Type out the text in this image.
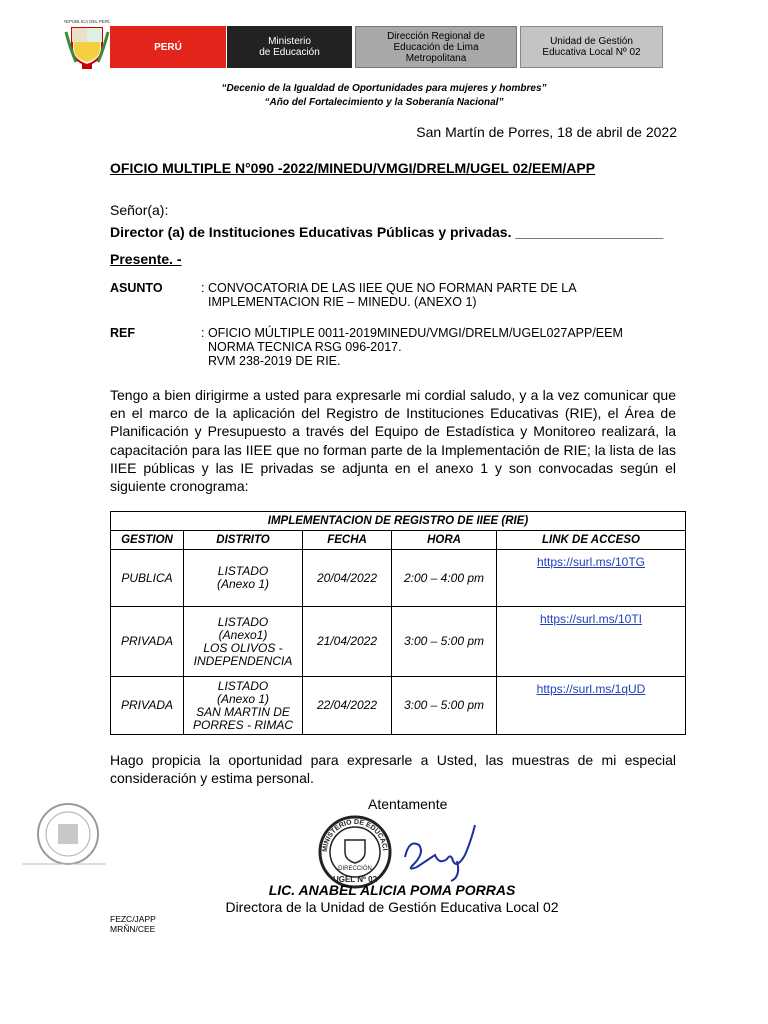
REPÚBLICA DEL PERÚ
PERÚ	Ministerio
de Educación
Dirección Regional de
Educación de Lima
Metropolitana
Unidad de Gestión
Educativa Local Nº 02
“Decenio de la Igualdad de Oportunidades para mujeres y hombres”
“Año del Fortalecimiento y la Soberanía Nacional”
San Martín de Porres, 18 de abril de 2022
OFICIO MULTIPLE N°090 -2022/MINEDU/VMGI/DRELM/UGEL 02/EEM/APP
Señor(a):
Director (a) de Instituciones Educativas Públicas y privadas. ___________________
Presente. -
ASUNTO	: CONVOCATORIA DE LAS IIEE QUE NO FORMAN PARTE DE LA
IMPLEMENTACION RIE – MINEDU. (ANEXO 1)
REF	: OFICIO MÚLTIPLE 0011-2019MINEDU/VMGI/DRELM/UGEL027APP/EEM
NORMA TECNICA RSG 096-2017.
RVM 238-2019 DE RIE.
Tengo a bien dirigirme a usted para expresarle mi cordial saludo, y a la vez comunicar que en el marco de la aplicación del Registro de Instituciones Educativas (RIE), el Área de Planificación y Presupuesto a través del Equipo de Estadística y Monitoreo realizará, la capacitación para las IIEE que no forman parte de la Implementación de RIE; la lista de las IIEE públicas y las IE privadas se adjunta en el anexo 1 y son convocadas según el siguiente cronograma:
IMPLEMENTACION DE REGISTRO DE IIEE (RIE)				
GESTION	DISTRITO	FECHA	HORA	LINK DE ACCESO
PUBLICA	LISTADO
(Anexo 1)	20/04/2022	2:00 – 4:00 pm	https://surl.ms/10TG
PRIVADA	LISTADO
(Anexo1)
LOS OLIVOS -
INDEPENDENCIA	21/04/2022	3:00 – 5:00 pm	https://surl.ms/10TI
PRIVADA	LISTADO
(Anexo 1)
SAN MARTIN DE
PORRES - RIMAC	22/04/2022	3:00 – 5:00 pm	https://surl.ms/1qUD
Hago propicia la oportunidad para expresarle a Usted, las muestras de mi especial consideración y estima personal.
Atentamente
MINISTERIO DE EDUCACI
DIRECCIÓN
UGEL Nº 02
LIC. ANABEL ALICIA POMA PORRAS
Directora de la Unidad de Gestión Educativa Local 02
FEZC/JAPP
MRÑN/CEE
